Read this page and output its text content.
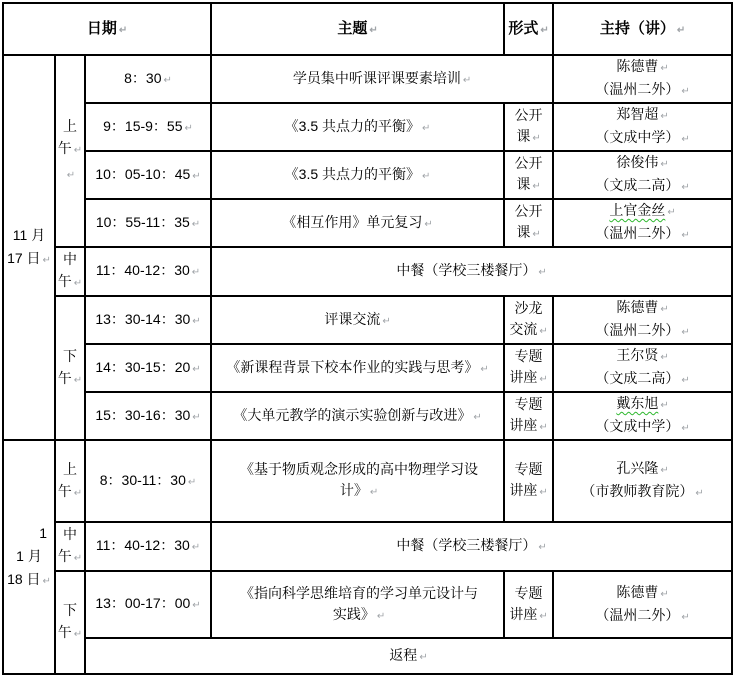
日期 ↵			主题 ↵	形式 ↵	主持（讲） ↵

11 月
17 日 ↵	上
午 ↵
↵	8：30 ↵	学员集中听课评课要素培训 ↵		陈德曹 ↵
（温州二外） ↵

		9：15-9：55 ↵	《3.5 共点力的平衡》 ↵	公开
课 ↵	郑智超 ↵
（文成中学） ↵

		10：05-10：45 ↵	《3.5 共点力的平衡》 ↵	公开
课 ↵	徐俊伟 ↵
（文成二高） ↵

		10：55-11：35 ↵	《相互作用》单元复习 ↵	公开
课 ↵	上官金丝 ↵
（温州二外） ↵

	中
午 ↵	11：40-12：30 ↵	中餐（学校三楼餐厅） ↵		

	下
午 ↵	13：30-14：30 ↵	评课交流 ↵	沙龙
交流 ↵	陈德曹 ↵
（温州二外） ↵

		14：30-15：20 ↵	《新课程背景下校本作业的实践与思考》 ↵	专题
讲座 ↵	王尔贤 ↵
（文成二高） ↵

		15：30-16：30 ↵	《大单元教学的演示实验创新与改进》 ↵	专题
讲座 ↵	戴东旭 ↵
（文成中学） ↵

1
1 月
18 日 ↵	上
午 ↵	8：30-11：30 ↵	《基于物质观念形成的高中物理学习设
计》 ↵	专题
讲座 ↵	孔兴隆 ↵
（市教师教育院） ↵

	中
午 ↵	11：40-12：30 ↵	中餐（学校三楼餐厅） ↵		

	下
午 ↵	13：00-17：00 ↵	《指向科学思维培育的学习单元设计与
实践》 ↵	专题
讲座 ↵	陈德曹 ↵
（温州二外） ↵

		返程 ↵			
